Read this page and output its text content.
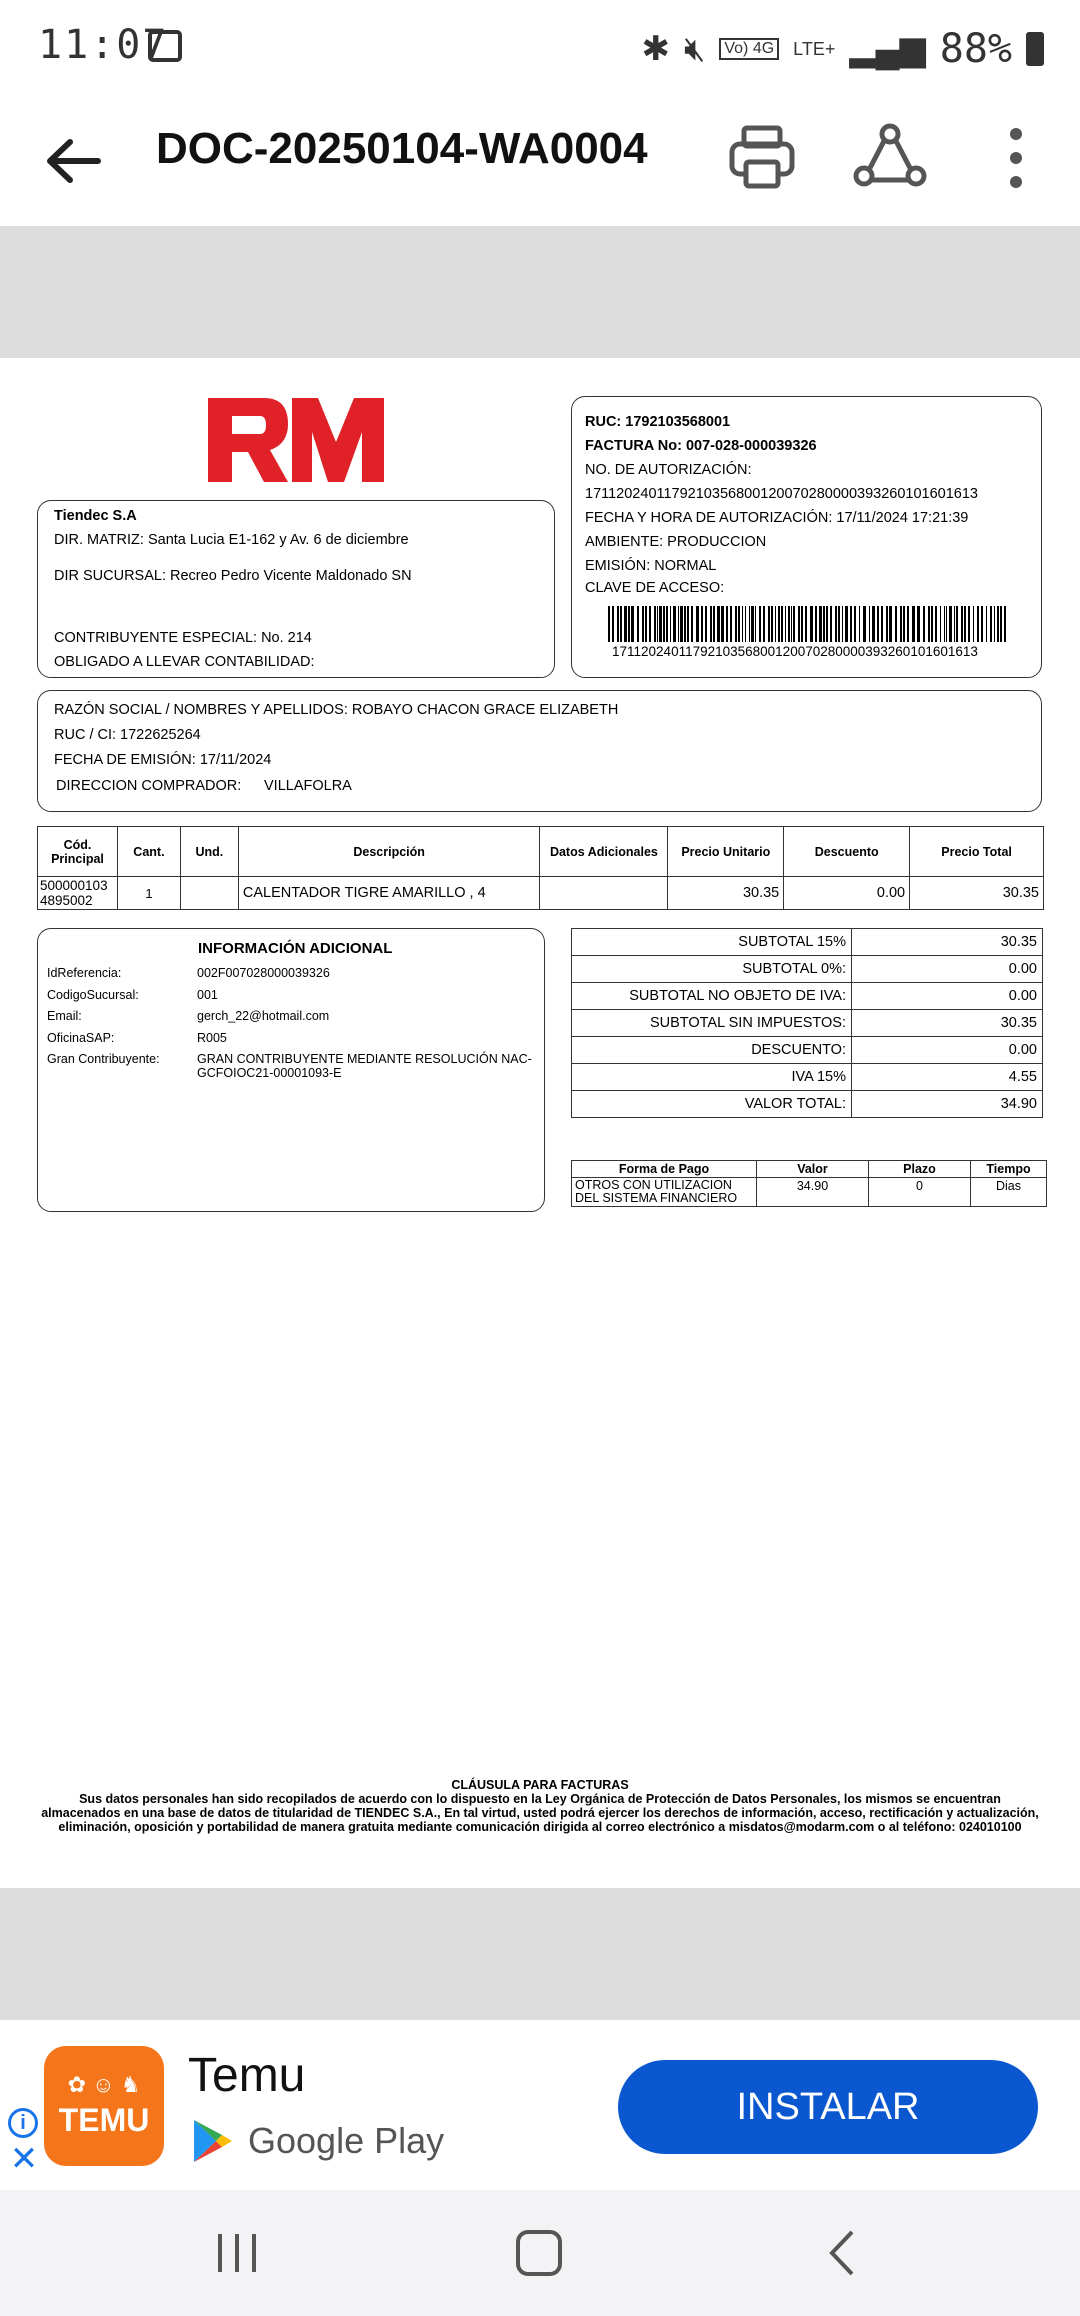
11:07	✱ 🔇︎	Vo) 4G LTE+ ▂▄▆ 88%
DOC-20250104-WA0004
Tiendec S.A
DIR. MATRIZ: Santa Lucia E1-162 y Av. 6 de diciembre
DIR SUCURSAL: Recreo Pedro Vicente Maldonado SN
CONTRIBUYENTE ESPECIAL: No. 214
OBLIGADO A LLEVAR CONTABILIDAD:
RUC: 1792103568001
FACTURA No: 007-028-000039326
NO. DE AUTORIZACIÓN:
1711202401179210356800120070280000393260101601613
FECHA Y HORA DE AUTORIZACIÓN: 17/11/2024 17:21:39
AMBIENTE: PRODUCCION
EMISIÓN: NORMAL
CLAVE DE ACCESO:
1711202401179210356800120070280000393260101601613
RAZÓN SOCIAL / NOMBRES Y APELLIDOS: ROBAYO CHACON GRACE ELIZABETH
RUC / CI: 1722625264
FECHA DE EMISIÓN: 17/11/2024
DIRECCION COMPRADOR: VILLAFOLRA
Cód. Principal	Cant.	Und.	Descripción	Datos Adicionales	Precio Unitario	Descuento	Precio Total
5000001034895002	1		CALENTADOR TIGRE AMARILLO , 4		30.35	0.00	30.35
INFORMACIÓN ADICIONAL
IdReferencia:	002F007028000039326
CodigoSucursal:	001
Email:	gerch_22@hotmail.com
OficinaSAP:	R005
Gran Contribuyente:	GRAN CONTRIBUYENTE MEDIANTE RESOLUCIÓN NAC-GCFOIOC21-00001093-E
SUBTOTAL 15%	30.35
SUBTOTAL 0%:	0.00
SUBTOTAL NO OBJETO DE IVA:	0.00
SUBTOTAL SIN IMPUESTOS:	30.35
DESCUENTO:	0.00
IVA 15%	4.55
VALOR TOTAL:	34.90
Forma de Pago	Valor	Plazo	Tiempo
OTROS CON UTILIZACION DEL SISTEMA FINANCIERO	34.90	0	Dias
CLÁUSULA PARA FACTURAS
Sus datos personales han sido recopilados de acuerdo con lo dispuesto en la Ley Orgánica de Protección de Datos Personales, los mismos se encuentran almacenados en una base de datos de titularidad de TIENDEC S.A., En tal virtud, usted podrá ejercer los derechos de información, acceso, rectificación y actualización, eliminación, oposición y portabilidad de manera gratuita mediante comunicación dirigida al correo electrónico a misdatos@modarm.com o al teléfono: 024010100
i
✕
✿ ☺ ♞
TEMU
Temu
Google Play
INSTALAR
